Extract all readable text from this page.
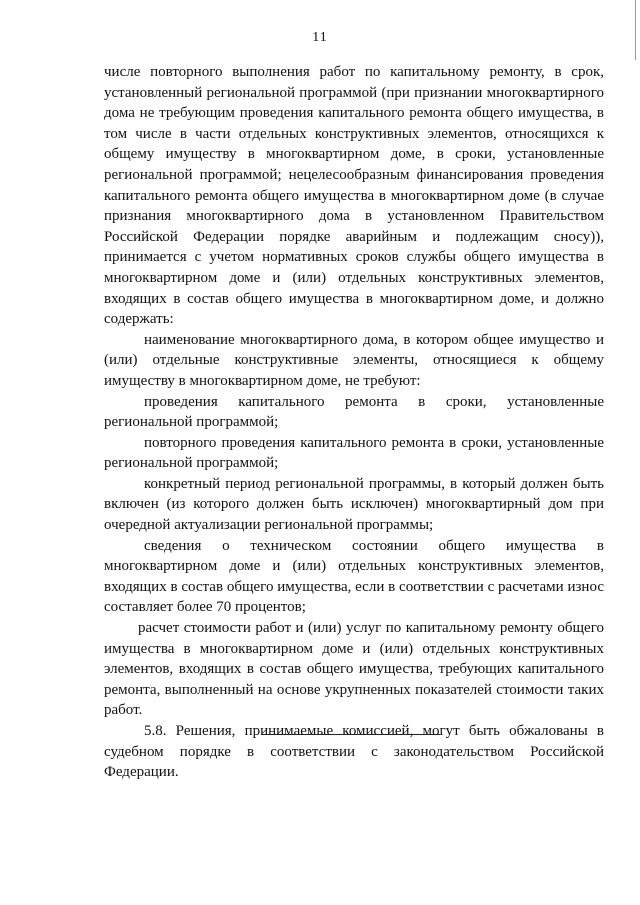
11

числе повторного выполнения работ по капитальному ремонту, в срок, установленный региональной программой (при признании многоквартирного дома не требующим проведения капитального ремонта общего имущества, в том числе в части отдельных конструктивных элементов, относящихся к общему имуществу в многоквартирном доме, в сроки, установленные региональной программой; нецелесообразным финансирования проведения капитального ремонта общего имущества в многоквартирном доме (в случае признания многоквартирного дома в установленном Правительством Российской Федерации порядке аварийным и подлежащим сносу)), принимается с учетом нормативных сроков службы общего имущества в многоквартирном доме и (или) отдельных конструктивных элементов, входящих в состав общего имущества в многоквартирном доме, и должно содержать:

наименование многоквартирного дома, в котором общее имущество и (или) отдельные конструктивные элементы, относящиеся к общему имуществу в многоквартирном доме, не требуют:

проведения капитального ремонта в сроки, установленные региональной программой;

повторного проведения капитального ремонта в сроки, установленные региональной программой;

конкретный период региональной программы, в который должен быть включен (из которого должен быть исключен) многоквартирный дом при очередной актуализации региональной программы;

сведения о техническом состоянии общего имущества в многоквартирном доме и (или) отдельных конструктивных элементов, входящих в состав общего имущества, если в соответствии с расчетами износ составляет более 70 процентов;

расчет стоимости работ и (или) услуг по капитальному ремонту общего имущества в многоквартирном доме и (или) отдельных конструктивных элементов, входящих в состав общего имущества, требующих капитального ремонта, выполненный на основе укрупненных показателей стоимости таких работ.

5.8. Решения, принимаемые комиссией, могут быть обжалованы в судебном порядке в соответствии с законодательством Российской Федерации.
